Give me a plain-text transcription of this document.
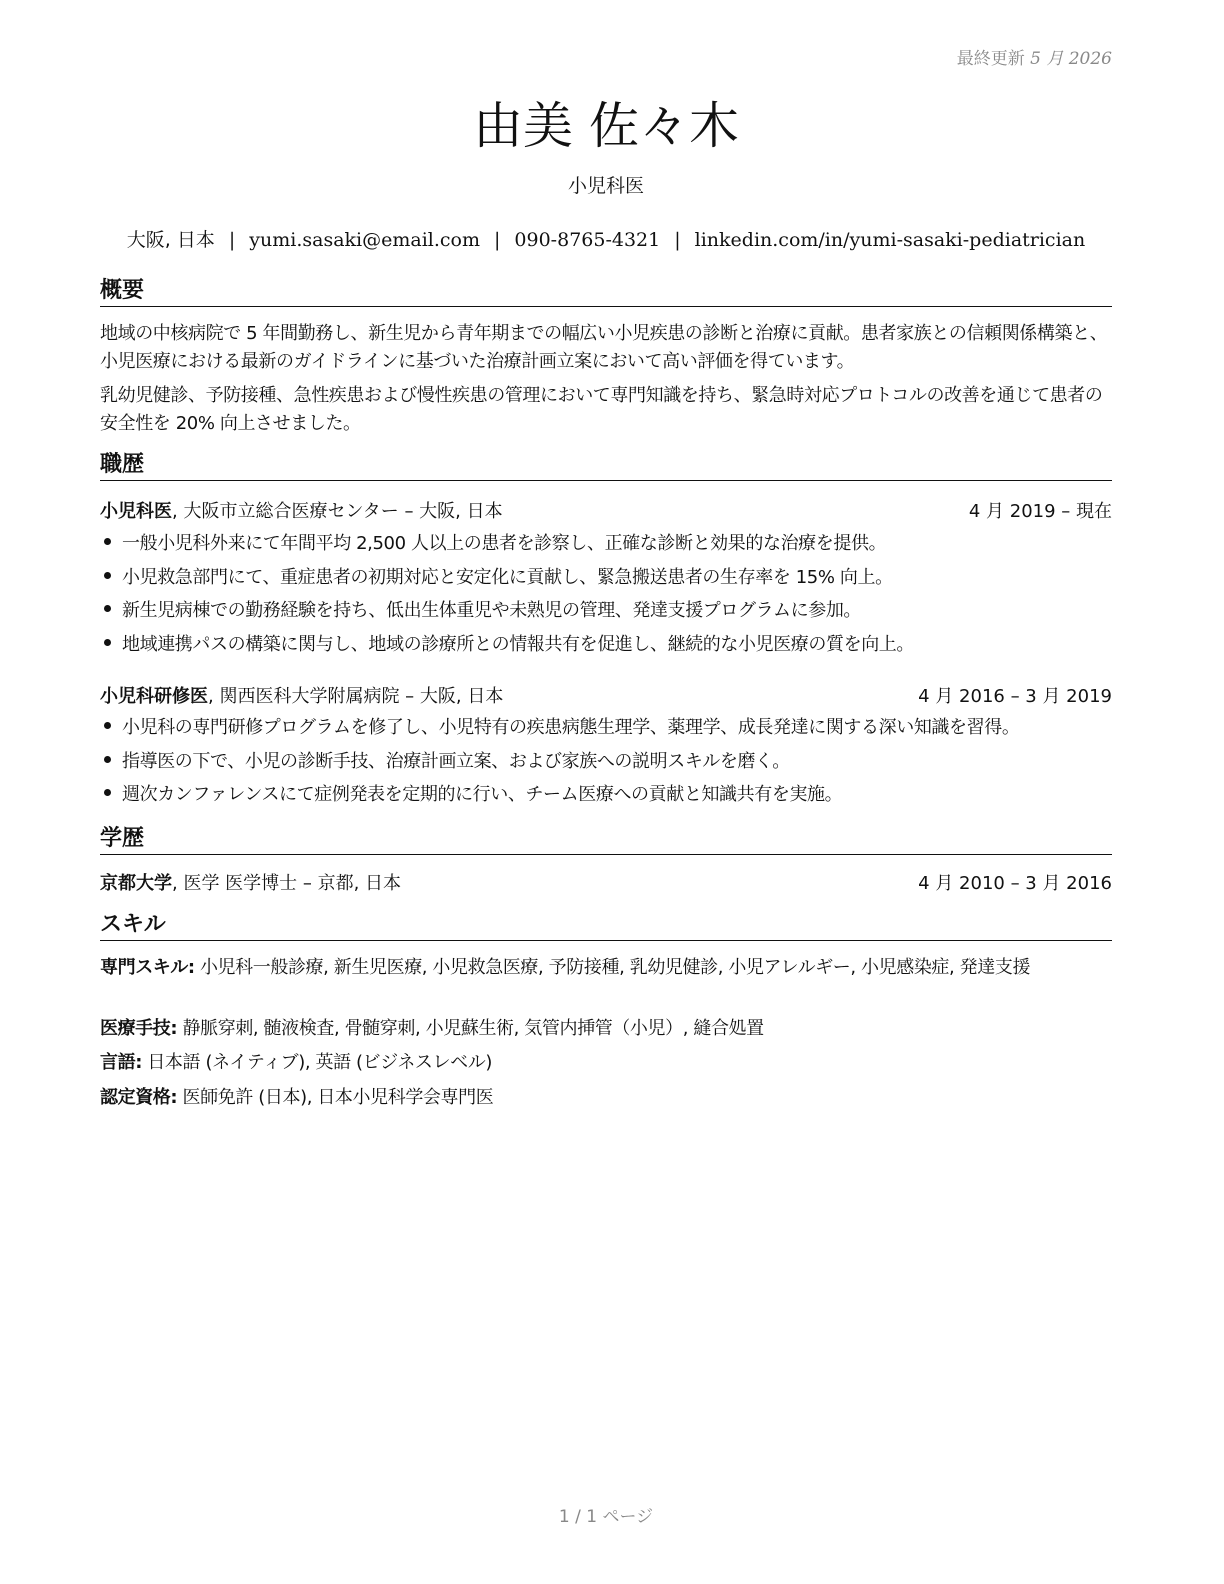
最終更新 5 月 2026
由美 佐々木
小児科医
大阪, 日本 | yumi.sasaki@email.com | 090-8765-4321 | linkedin.com/in/yumi-sasaki-pediatrician
概要
地域の中核病院で 5 年間勤務し、新生児から青年期までの幅広い小児疾患の診断と治療に貢献。患者家族との信頼関係構築と、小児医療における最新のガイドラインに基づいた治療計画立案において高い評価を得ています。
乳幼児健診、予防接種、急性疾患および慢性疾患の管理において専門知識を持ち、緊急時対応プロトコルの改善を通じて患者の安全性を 20% 向上させました。
職歴
小児科医, 大阪市立総合医療センター – 大阪, 日本	4 月 2019 – 現在
一般小児科外来にて年間平均 2,500 人以上の患者を診察し、正確な診断と効果的な治療を提供。
小児救急部門にて、重症患者の初期対応と安定化に貢献し、緊急搬送患者の生存率を 15% 向上。
新生児病棟での勤務経験を持ち、低出生体重児や未熟児の管理、発達支援プログラムに参加。
地域連携パスの構築に関与し、地域の診療所との情報共有を促進し、継続的な小児医療の質を向上。
小児科研修医, 関西医科大学附属病院 – 大阪, 日本	4 月 2016 – 3 月 2019
小児科の専門研修プログラムを修了し、小児特有の疾患病態生理学、薬理学、成長発達に関する深い知識を習得。
指導医の下で、小児の診断手技、治療計画立案、および家族への説明スキルを磨く。
週次カンファレンスにて症例発表を定期的に行い、チーム医療への貢献と知識共有を実施。
学歴
京都大学, 医学 医学博士 – 京都, 日本	4 月 2010 – 3 月 2016
スキル
専門スキル: 小児科一般診療, 新生児医療, 小児救急医療, 予防接種, 乳幼児健診, 小児アレルギー, 小児感染症, 発達支援
医療手技: 静脈穿刺, 髄液検査, 骨髄穿刺, 小児蘇生術, 気管内挿管（小児）, 縫合処置
言語: 日本語 (ネイティブ), 英語 (ビジネスレベル)
認定資格: 医師免許 (日本), 日本小児科学会専門医
1 / 1 ページ
